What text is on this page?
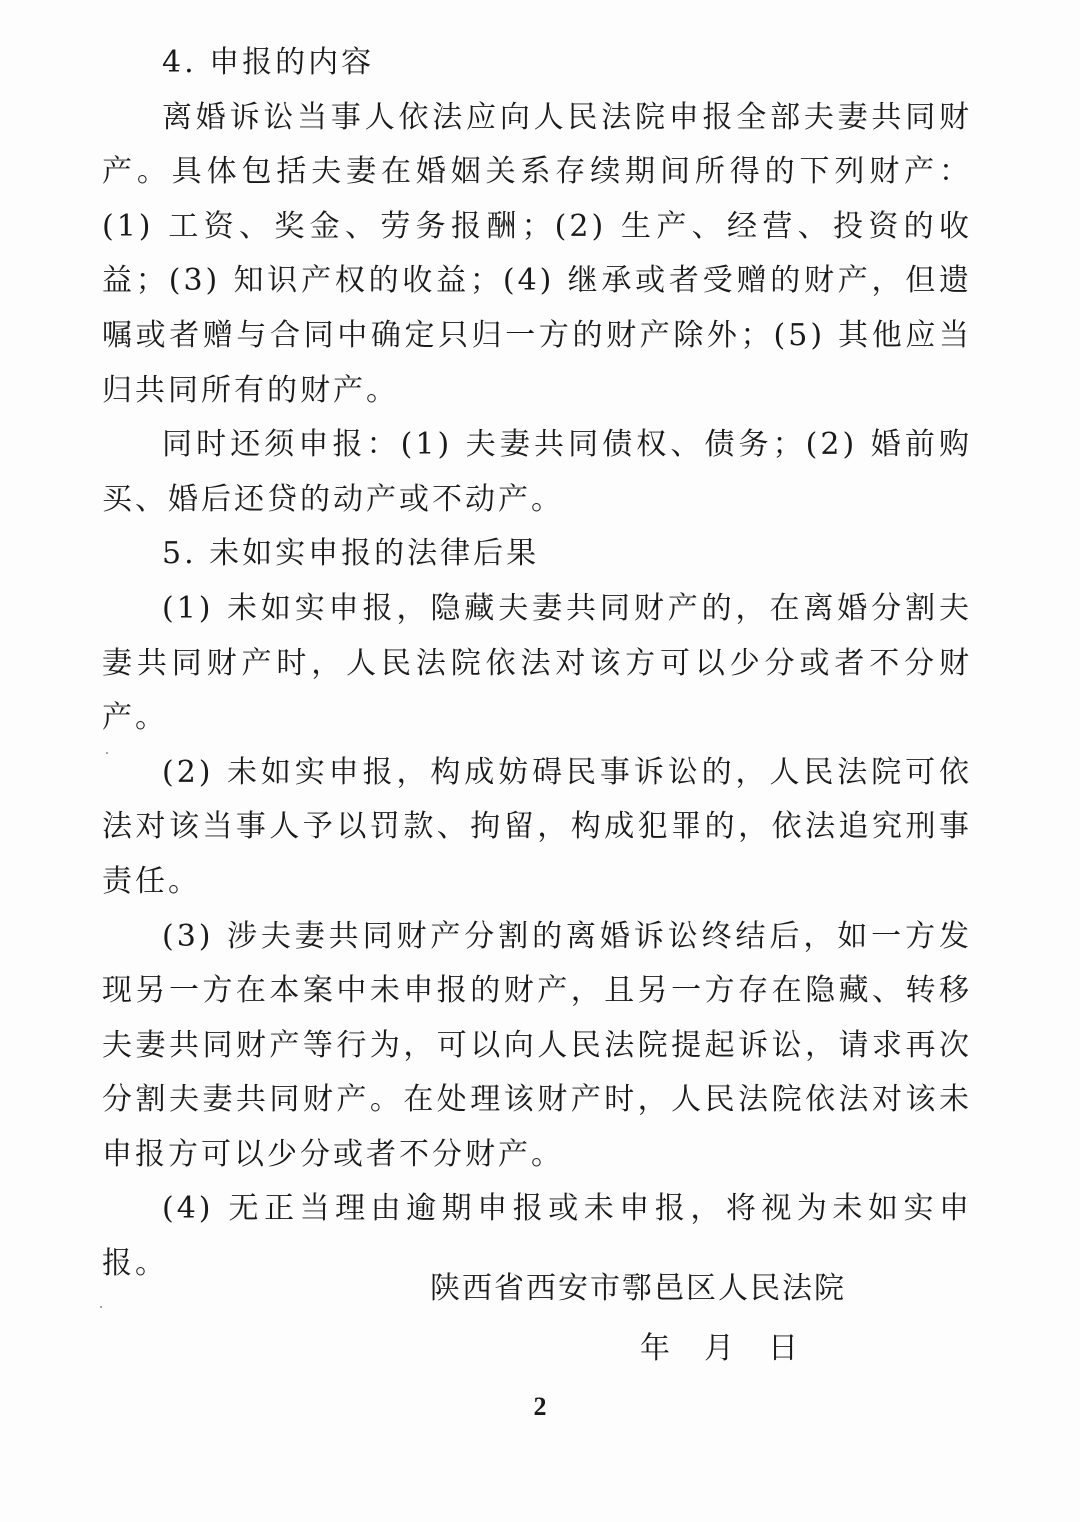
4. 申报的内容

离婚诉讼当事人依法应向人民法院申报全部夫妻共同财产。具体包括夫妻在婚姻关系存续期间所得的下列财产：(1) 工资、奖金、劳务报酬；(2) 生产、经营、投资的收益；(3) 知识产权的收益；(4) 继承或者受赠的财产，但遗嘱或者赠与合同中确定只归一方的财产除外；(5) 其他应当归共同所有的财产。

同时还须申报：(1) 夫妻共同债权、债务；(2) 婚前购买、婚后还贷的动产或不动产。

5. 未如实申报的法律后果

(1) 未如实申报，隐藏夫妻共同财产的，在离婚分割夫妻共同财产时，人民法院依法对该方可以少分或者不分财产。

(2) 未如实申报，构成妨碍民事诉讼的，人民法院可依法对该当事人予以罚款、拘留，构成犯罪的，依法追究刑事责任。

(3) 涉夫妻共同财产分割的离婚诉讼终结后，如一方发现另一方在本案中未申报的财产，且另一方存在隐藏、转移夫妻共同财产等行为，可以向人民法院提起诉讼，请求再次分割夫妻共同财产。在处理该财产时，人民法院依法对该未申报方可以少分或者不分财产。

(4) 无正当理由逾期申报或未申报，将视为未如实申报。

陕西省西安市鄠邑区人民法院
年 月 日
2
